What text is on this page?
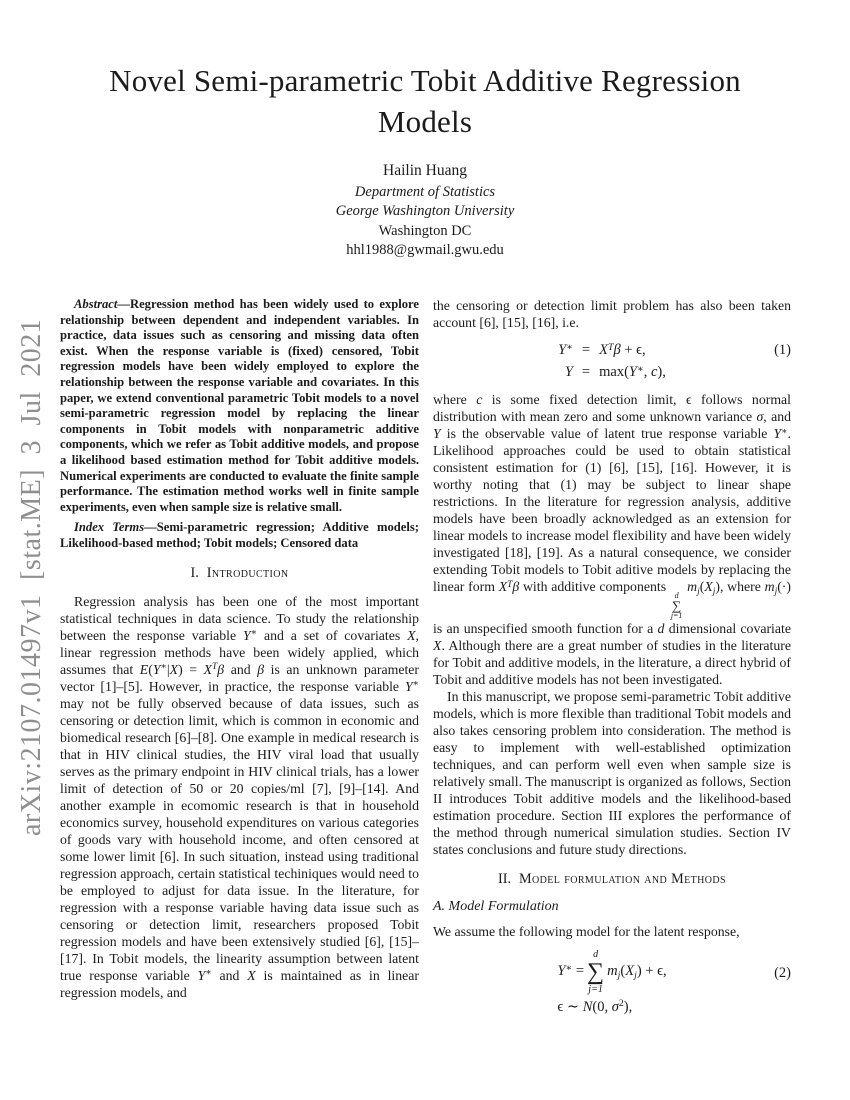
arXiv:2107.01497v1 [stat.ME] 3 Jul 2021
Novel Semi-parametric Tobit Additive Regression Models
Hailin Huang
Department of Statistics
George Washington University
Washington DC
hhl1988@gwmail.gwu.edu

Abstract—Regression method has been widely used to explore relationship between dependent and independent variables. In practice, data issues such as censoring and missing data often exist. When the response variable is (fixed) censored, Tobit regression models have been widely employed to explore the relationship between the response variable and covariates. In this paper, we extend conventional parametric Tobit models to a novel semi-parametric regression model by replacing the linear components in Tobit models with nonparametric additive components, which we refer as Tobit additive models, and propose a likelihood based estimation method for Tobit additive models. Numerical experiments are conducted to evaluate the finite sample performance. The estimation method works well in finite sample experiments, even when sample size is relative small.

Index Terms—Semi-parametric regression; Additive models; Likelihood-based method; Tobit models; Censored data

I. Introduction

Regression analysis has been one of the most important statistical techniques in data science. To study the relationship between the response variable Y∗ and a set of covariates X, linear regression methods have been widely applied, which assumes that $E(Y^∗|X) = X^T\beta$ and β is an unknown parameter vector [1]–[5]. However, in practice, the response variable Y∗ may not be fully observed because of data issues, such as censoring or detection limit, which is common in economic and biomedical research [6]–[8]. One example in medical research is that in HIV clinical studies, the HIV viral load that usually serves as the primary endpoint in HIV clinical trials, has a lower limit of detection of 50 or 20 copies/ml [7], [9]–[14]. And another example in ecomomic research is that in household economics survey, household expenditures on various categories of goods vary with household income, and often censored at some lower limit [6]. In such situation, instead using traditional regression approach, certain statistical techiniques would need to be employed to adjust for data issue. In the literature, for regression with a response variable having data issue such as censoring or detection limit, researchers proposed Tobit regression models and have been extensively studied [6], [15]–[17]. In Tobit models, the linearity assumption between latent true response variable Y∗ and X is maintained as in linear regression models, and

the censoring or detection limit problem has also been taken account [6], [15], [16], i.e.

$Y^∗ = X^T\beta + \epsilon$,
Y = max(Y∗, c),
(1)

where c is some fixed detection limit, ϵ follows normal distribution with mean zero and some unknown variance σ, and Y is the observable value of latent true response variable Y∗. Likelihood approaches could be used to obtain statistical consistent estimation for (1) [6], [15], [16]. However, it is worthy noting that (1) may be subject to linear shape restrictions. In the literature for regression analysis, additive models have been broadly acknowledged as an extension for linear models to increase model flexibility and have been widely investigated [18], [19]. As a natural consequence, we consider extending Tobit models to Tobit aditive models by replacing the linear form $X^T\beta$ with additive components
d
∑
j=1
$m_j(X_j)$, where $m_j(\cdot)$ is an unspecified smooth function for a d dimensional covariate X. Although there are a great number of studies in the literature for Tobit and additive models, in the literature, a direct hybrid of Tobit and additive models has not been investigated.

In this manuscript, we propose semi-parametric Tobit additive models, which is more flexible than traditional Tobit models and also takes censoring problem into consideration. The method is easy to implement with well-established optimization techniques, and can perform well even when sample size is relatively small. The manuscript is organized as follows, Section II introduces Tobit additive models and the likelihood-based estimation procedure. Section III explores the performance of the method through numerical simulation studies. Section IV states conclusions and future study directions.

II. Model formulation and Methods
A. Model Formulation

We assume the following model for the latent response,

Y∗ =
d
∑
j=1
$m_j(X_j) + \epsilon$,
ϵ ∼ N(0, $\sigma^2$),
(2)
